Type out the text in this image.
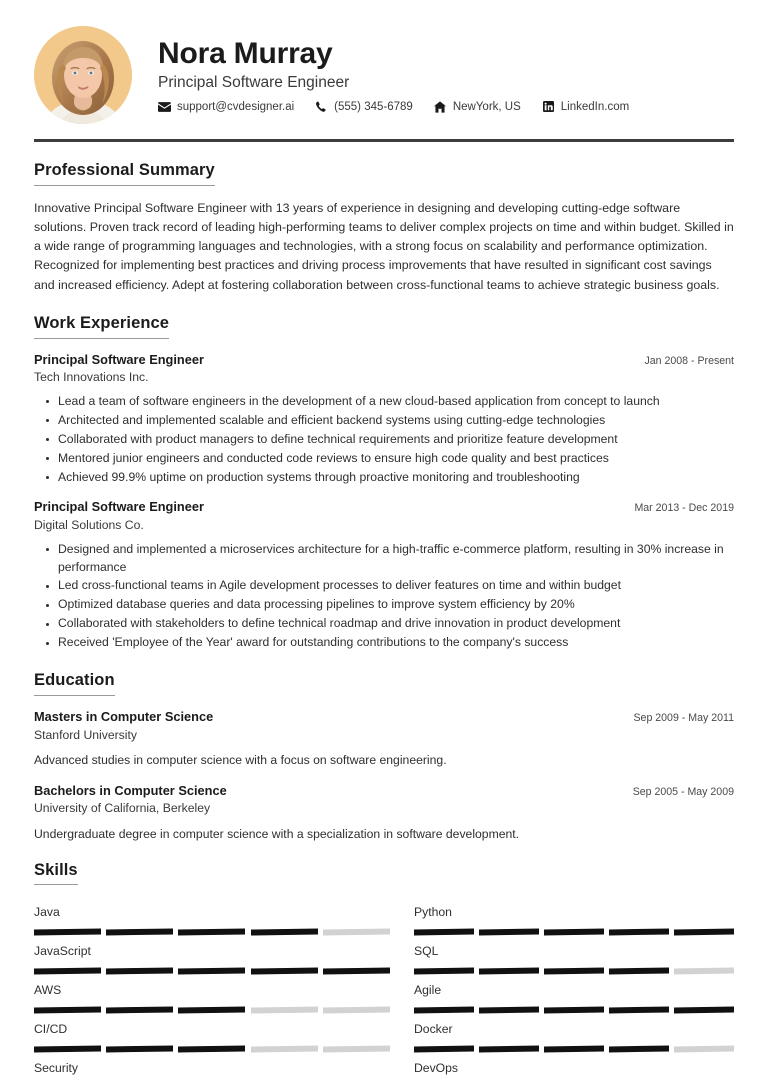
Nora Murray
Principal Software Engineer
support@cvdesigner.ai	(555) 345-6789	NewYork, US	LinkedIn.com
Professional Summary
Innovative Principal Software Engineer with 13 years of experience in designing and developing cutting-edge software solutions. Proven track record of leading high-performing teams to deliver complex projects on time and within budget. Skilled in a wide range of programming languages and technologies, with a strong focus on scalability and performance optimization. Recognized for implementing best practices and driving process improvements that have resulted in significant cost savings and increased efficiency. Adept at fostering collaboration between cross-functional teams to achieve strategic business goals.
Work Experience
Principal Software Engineer	Jan 2008 - Present
Tech Innovations Inc.
Lead a team of software engineers in the development of a new cloud-based application from concept to launch
Architected and implemented scalable and efficient backend systems using cutting-edge technologies
Collaborated with product managers to define technical requirements and prioritize feature development
Mentored junior engineers and conducted code reviews to ensure high code quality and best practices
Achieved 99.9% uptime on production systems through proactive monitoring and troubleshooting
Principal Software Engineer	Mar 2013 - Dec 2019
Digital Solutions Co.
Designed and implemented a microservices architecture for a high-traffic e-commerce platform, resulting in 30% increase in performance
Led cross-functional teams in Agile development processes to deliver features on time and within budget
Optimized database queries and data processing pipelines to improve system efficiency by 20%
Collaborated with stakeholders to define technical roadmap and drive innovation in product development
Received 'Employee of the Year' award for outstanding contributions to the company's success
Education
Masters in Computer Science	Sep 2009 - May 2011
Stanford University
Advanced studies in computer science with a focus on software engineering.
Bachelors in Computer Science	Sep 2005 - May 2009
University of California, Berkeley
Undergraduate degree in computer science with a specialization in software development.
Skills
Java	Python
JavaScript	SQL
AWS	Agile
CI/CD	Docker
Security	DevOps
